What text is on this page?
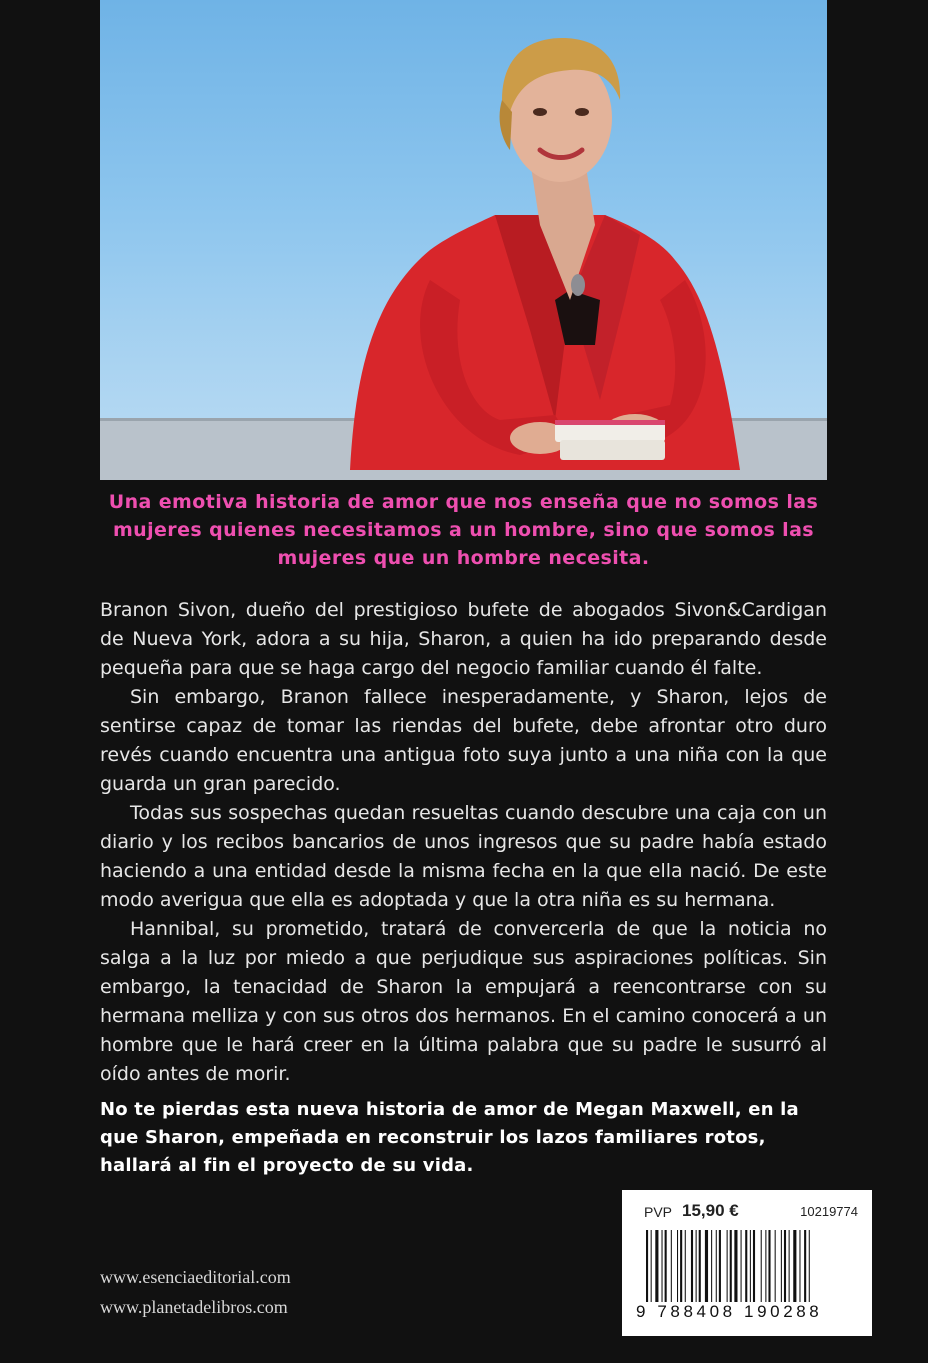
Una emotiva historia de amor que nos enseña que no somos las mujeres quienes necesitamos a un hombre, sino que somos las mujeres que un hombre necesita.

Branon Sivon, dueño del prestigioso bufete de abogados Sivon&Cardigan de Nueva York, adora a su hija, Sharon, a quien ha ido preparando desde pequeña para que se haga cargo del negocio familiar cuando él falte.

Sin embargo, Branon fallece inesperadamente, y Sharon, lejos de sentirse capaz de tomar las riendas del bufete, debe afrontar otro duro revés cuando encuentra una antigua foto suya junto a una niña con la que guarda un gran parecido.

Todas sus sospechas quedan resueltas cuando descubre una caja con un diario y los recibos bancarios de unos ingresos que su padre había estado haciendo a una entidad desde la misma fecha en la que ella nació. De este modo averigua que ella es adoptada y que la otra niña es su hermana.

Hannibal, su prometido, tratará de convercerla de que la noticia no salga a la luz por miedo a que perjudique sus aspiraciones políticas. Sin embargo, la tenacidad de Sharon la empujará a reencontrarse con su hermana melliza y con sus otros dos hermanos. En el camino conocerá a un hombre que le hará creer en la última palabra que su padre le susurró al oído antes de morir.

No te pierdas esta nueva historia de amor de Megan Maxwell, en la que Sharon, empeñada en reconstruir los lazos familiares rotos, hallará al fin el proyecto de su vida.
www.esenciaeditorial.com
www.planetadelibros.com
PVP 15,90 €	10219774
9 788408 190288
